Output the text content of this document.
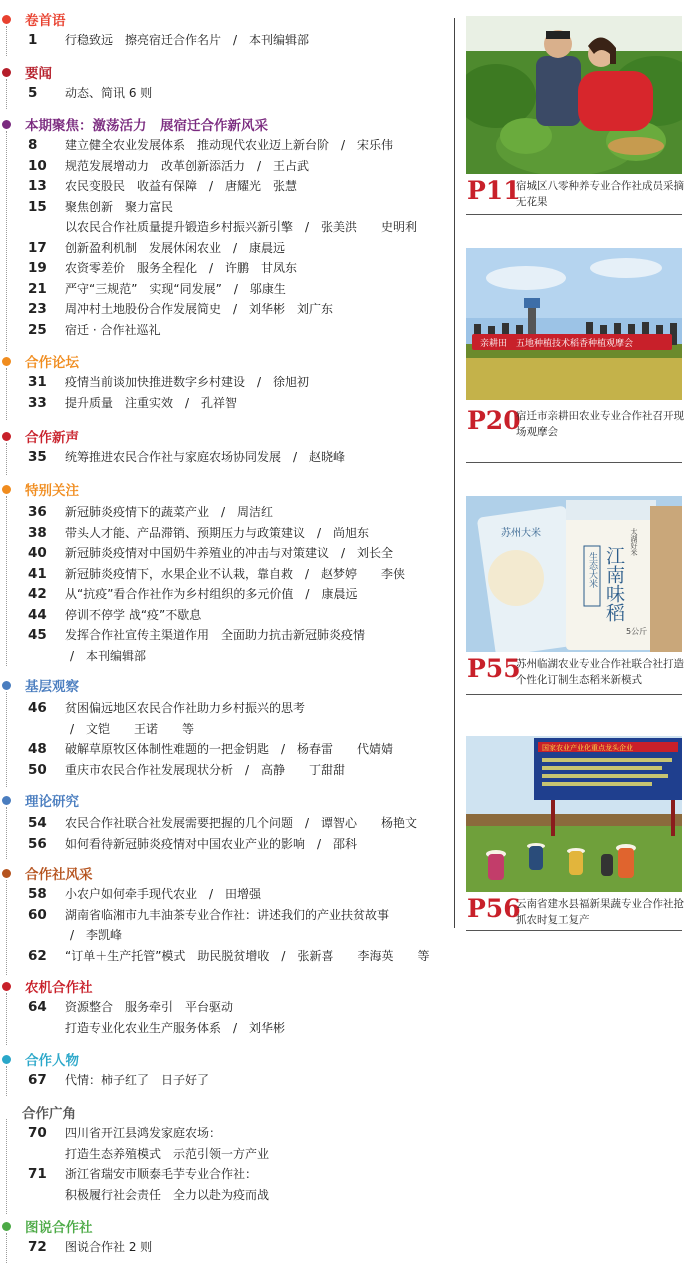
卷首语
1 行稳致远　擦亮宿迁合作名片　/　本刊编辑部
要闻
5 动态、简讯 6 则
本期聚焦：激荡活力　展宿迁合作新风采
8 建立健全农业发展体系　推动现代农业迈上新台阶　/　宋乐伟
10 规范发展增动力　改革创新添活力　/　王占武
13 农民变股民　收益有保障　/　唐耀光　张慧
15 聚焦创新　聚力富民
以农民合作社质量提升锻造乡村振兴新引擎　/　张美洪　　史明利
17 创新盈利机制　发展休闲农业　/　康晨远
19 农资零差价　服务全程化　/　许鹏　甘凤东
21 严守“三规范”　实现“同发展”　/　邬康生
23 周冲村土地股份合作发展简史　/　刘华彬　刘广东
25 宿迁 · 合作社巡礼
合作论坛
31 疫情当前谈加快推进数字乡村建设　/　徐旭初
33 提升质量　注重实效　/　孔祥智
合作新声
35 统筹推进农民合作社与家庭农场协同发展　/　赵晓峰
特别关注
36 新冠肺炎疫情下的蔬菜产业　/　周洁红
38 带头人才能、产品滞销、预期压力与政策建议　/　尚旭东
40 新冠肺炎疫情对中国奶牛养殖业的冲击与对策建议　/　刘长全
41 新冠肺炎疫情下，水果企业不认栽，靠自救　/　赵梦婷　　李侠
42 从“抗疫”看合作社作为乡村组织的多元价值　/　康晨远
44 停训不停学 战“疫”不歇息
45 发挥合作社宣传主渠道作用　全面助力抗击新冠肺炎疫情
/　本刊编辑部
基层观察
46 贫困偏远地区农民合作社助力乡村振兴的思考
/　文铠　　王诺　　等
48 破解草原牧区体制性难题的一把金钥匙　/　杨春雷　　代婧婧
50 重庆市农民合作社发展现状分析　/　高静　　丁甜甜
理论研究
54 农民合作社联合社发展需要把握的几个问题　/　谭智心　　杨艳文
56 如何看待新冠肺炎疫情对中国农业产业的影响　/　邵科
合作社风采
58 小农户如何牵手现代农业　/　田增强
60 湖南省临湘市九丰油茶专业合作社：讲述我们的产业扶贫故事
/　李凯峰
62 “订单＋生产托管”模式　助民脱贫增收　/　张新喜　　李海英　　等
农机合作社
64 资源整合　服务牵引　平台驱动
打造专业化农业生产服务体系　/　刘华彬
合作人物
67 代情：柿子红了　日子好了
合作广角
70 四川省开江县鸿发家庭农场：
打造生态养殖模式　示范引领一方产业
71 浙江省瑞安市顺泰毛芋专业合作社：
积极履行社会责任　全力以赴为疫而战
图说合作社
72 图说合作社 2 则
P11
宿城区八零种养专业合作社成员采摘无花果
亲耕田　五地种植技术稻香种植观摩会
P20
宿迁市亲耕田农业专业合作社召开现场观摩会
苏州大米
江南味稻
生态大米
太湖好米
5公斤
P55
苏州临湖农业专业合作社联合社打造个性化订制生态稻米新模式
国家农业产业化重点龙头企业
P56
云南省建水县福新果蔬专业合作社抢抓农时复工复产
